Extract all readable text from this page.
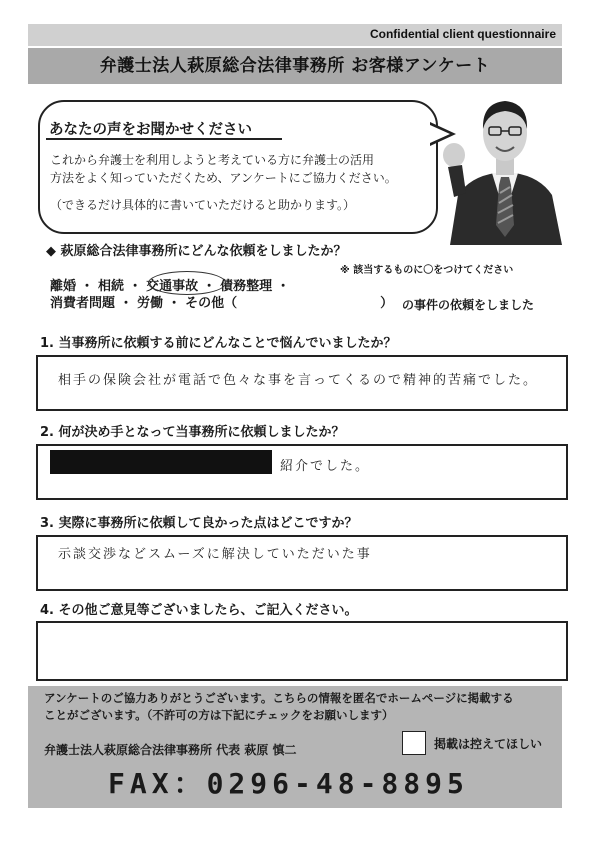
Confidential client questionnaire
弁護士法人萩原総合法律事務所 お客様アンケート
あなたの声をお聞かせください
これから弁護士を利用しようと考えている方に弁護士の活用
方法をよく知っていただくため、アンケートにご協力ください。
（できるだけ具体的に書いていただけると助かります。）
◆ 萩原総合法律事務所にどんな依頼をしましたか？
※ 該当するものに〇をつけてください
離婚 ・ 相続 ・ 交通事故 ・ 債務整理 ・
消費者問題 ・ 労働 ・ その他（　　　　　　　　　　　） の事件の依頼をしました
1. 当事務所に依頼する前にどんなことで悩んでいましたか？
相手の保険会社が電話で色々な事を言ってくるので精神的苦痛でした。
2. 何が決め手となって当事務所に依頼しましたか？
紹介でした。
3. 実際に事務所に依頼して良かった点はどこですか？
示談交渉などスムーズに解決していただいた事
4. その他ご意見等ございましたら、ご記入ください。
アンケートのご協力ありがとうございます。こちらの情報を匿名でホームページに掲載する
ことがございます。（不許可の方は下記にチェックをお願いします）
弁護士法人萩原総合法律事務所 代表 萩原 慎二	掲載は控えてほしい
FAX：0296-48-8895
